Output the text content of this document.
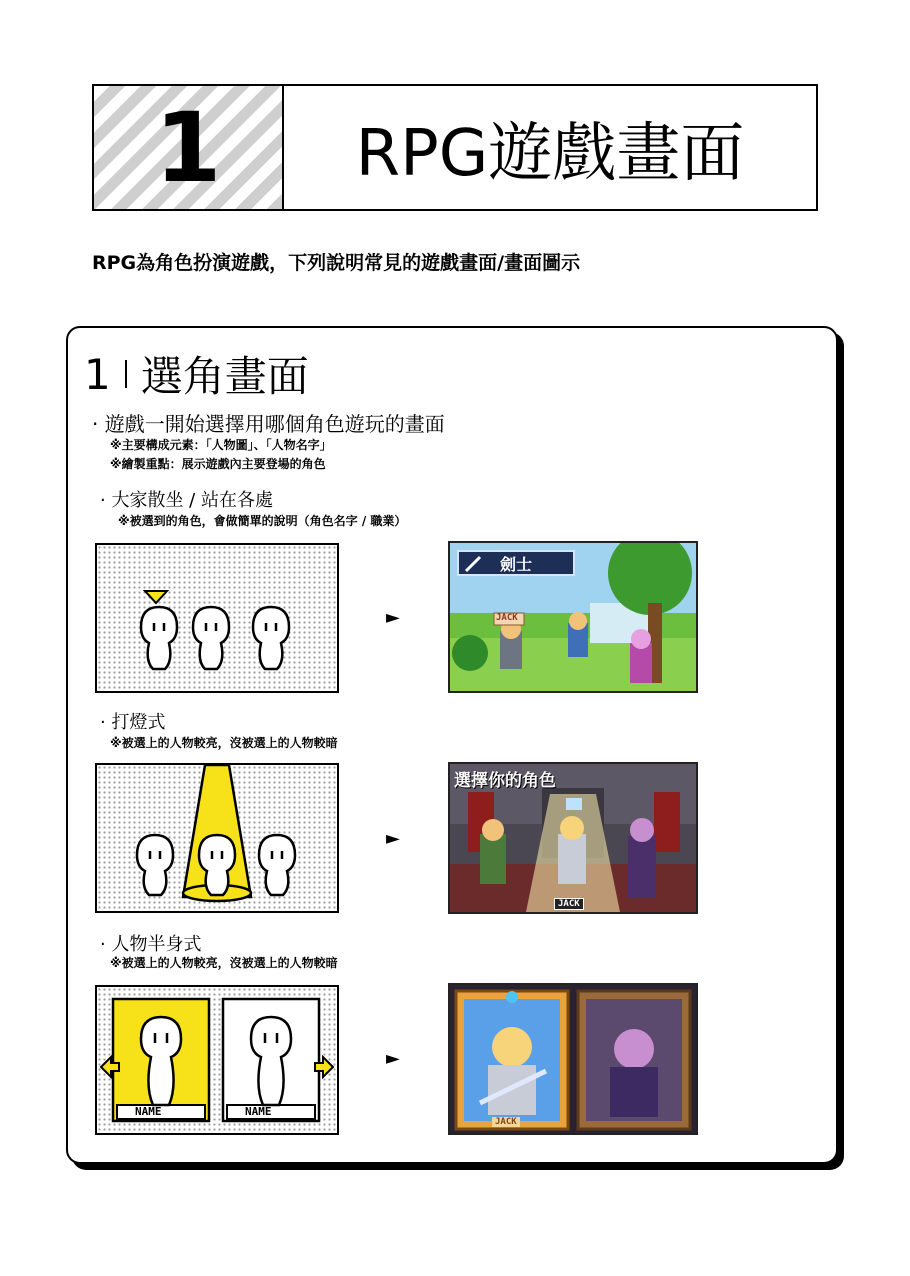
1	RPG遊戲畫面
RPG為角色扮演遊戲，下列說明常見的遊戲畫面/畫面圖示
1 選角畫面
· 遊戲一開始選擇用哪個角色遊玩的畫面
※主要構成元素：「人物圖」、「人物名字」
※繪製重點：展示遊戲內主要登場的角色
· 大家散坐 / 站在各處
※被選到的角色，會做簡單的說明（角色名字 / 職業）
· 打燈式
※被選上的人物較亮，沒被選上的人物較暗
· 人物半身式
※被選上的人物較亮，沒被選上的人物較暗
►
劍士
JACK
►
選擇你的角色
JACK
NAME	NAME
►
JACK
